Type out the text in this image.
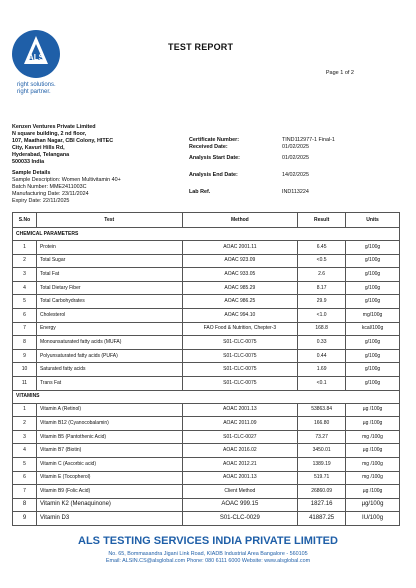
ALS
right solutions.
right partner.
TEST REPORT
Page 1 of 2
Kenzen Ventures Private Limited
N square building, 2 nd floor,
107, Maathan Nagar, CBI Colony, HITEC
City, Kavuri Hills Rd,
Hyderabad, Telangana
500033 India
Certificate Number:	TIND112977-1 Final-1
Received Date:	01/02/2025
Analysis Start Date:	01/02/2025
Analysis End Date:	14/02/2025
Lab Ref.	IND113224
Sample Details
Sample Description: Women Multivitamin 40+
Batch Number: MME2411003C
Manufacturing Date: 23/11/2024
Expiry Date: 22/11/2025
S.No	Test	Method	Result	Units
CHEMICAL PARAMETERS				
1	Protein	AOAC 2001.11	6.45	g/100g
2	Total Sugar	AOAC 923.09	<0.5	g/100g
3	Total Fat	AOAC 933.05	2.6	g/100g
4	Total Dietary Fiber	AOAC 985.29	8.17	g/100g
5	Total Carbohydrates	AOAC 986.25	29.9	g/100g
6	Cholesterol	AOAC 994.10	<1.0	mg/100g
7	Energy	FAO Food & Nutrition, Chepter-3	168.8	kcal/100g
8	Monounsaturated fatty acids (MUFA)	S01-CLC-0075	0.33	g/100g
9	Polyunsaturated fatty acids (PUFA)	S01-CLC-0075	0.44	g/100g
10	Saturated fatty acids	S01-CLC-0075	1.69	g/100g
11	Trans Fat	S01-CLC-0075	<0.1	g/100g
VITAMINS				
1	Vitamin A (Retinol)	AOAC 2001.13	53863.84	µg /100g
2	Vitamin B12 (Cyanocobalamin)	AOAC 2011.09	166.80	µg /100g
3	Vitamin B5 (Pantothenic Acid)	S01-CLC-0027	73.27	mg /100g
4	Vitamin B7 (Biotin)	AOAC 2016.02	3450.01	µg /100g
5	Vitamin C (Ascorbic acid)	AOAC 2012.21	1389.19	mg /100g
6	Vitamin E (Tocopherol)	AOAC 2001.13	519.71	mg /100g
7	Vitamin B9 (Folic Acid)	Client Method	26860.09	µg /100g
8	Vitamin K2 (Menaquinone)	AOAC 999.15	1827.16	µg/100g
9	Vitamin D3	S01-CLC-0029	41887.25	IU/100g
ALS TESTING SERVICES INDIA PRIVATE LIMITED
No. 65, Bommasandra Jigani Link Road, KIADB Industrial Area Bangalore - 560105
Email: ALSIN.CS@alsglobal.com Phone: 080 6111 6000 Website: www.alsglobal.com
